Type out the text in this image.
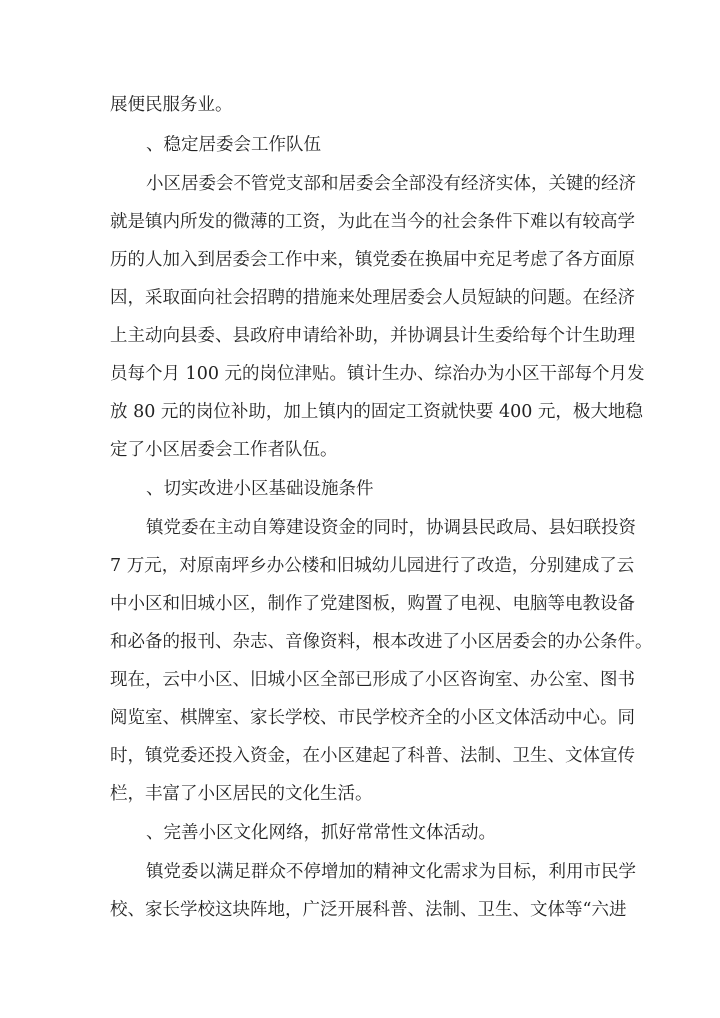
展便民服务业。
、稳定居委会工作队伍
小区居委会不管党支部和居委会全部没有经济实体，关键的经济
就是镇内所发的微薄的工资，为此在当今的社会条件下难以有较高学
历的人加入到居委会工作中来，镇党委在换届中充足考虑了各方面原
因，采取面向社会招聘的措施来处理居委会人员短缺的问题。在经济
上主动向县委、县政府申请给补助，并协调县计生委给每个计生助理
员每个月 100 元的岗位津贴。镇计生办、综治办为小区干部每个月发
放 80 元的岗位补助，加上镇内的固定工资就快要 400 元，极大地稳
定了小区居委会工作者队伍。
、切实改进小区基础设施条件
镇党委在主动自筹建设资金的同时，协调县民政局、县妇联投资
7 万元，对原南坪乡办公楼和旧城幼儿园进行了改造，分别建成了云
中小区和旧城小区，制作了党建图板，购置了电视、电脑等电教设备
和必备的报刊、杂志、音像资料，根本改进了小区居委会的办公条件。
现在，云中小区、旧城小区全部已形成了小区咨询室、办公室、图书
阅览室、棋牌室、家长学校、市民学校齐全的小区文体活动中心。同
时，镇党委还投入资金，在小区建起了科普、法制、卫生、文体宣传
栏，丰富了小区居民的文化生活。
、完善小区文化网络，抓好常常性文体活动。
镇党委以满足群众不停增加的精神文化需求为目标，利用市民学
校、家长学校这块阵地，广泛开展科普、法制、卫生、文体等“六进
